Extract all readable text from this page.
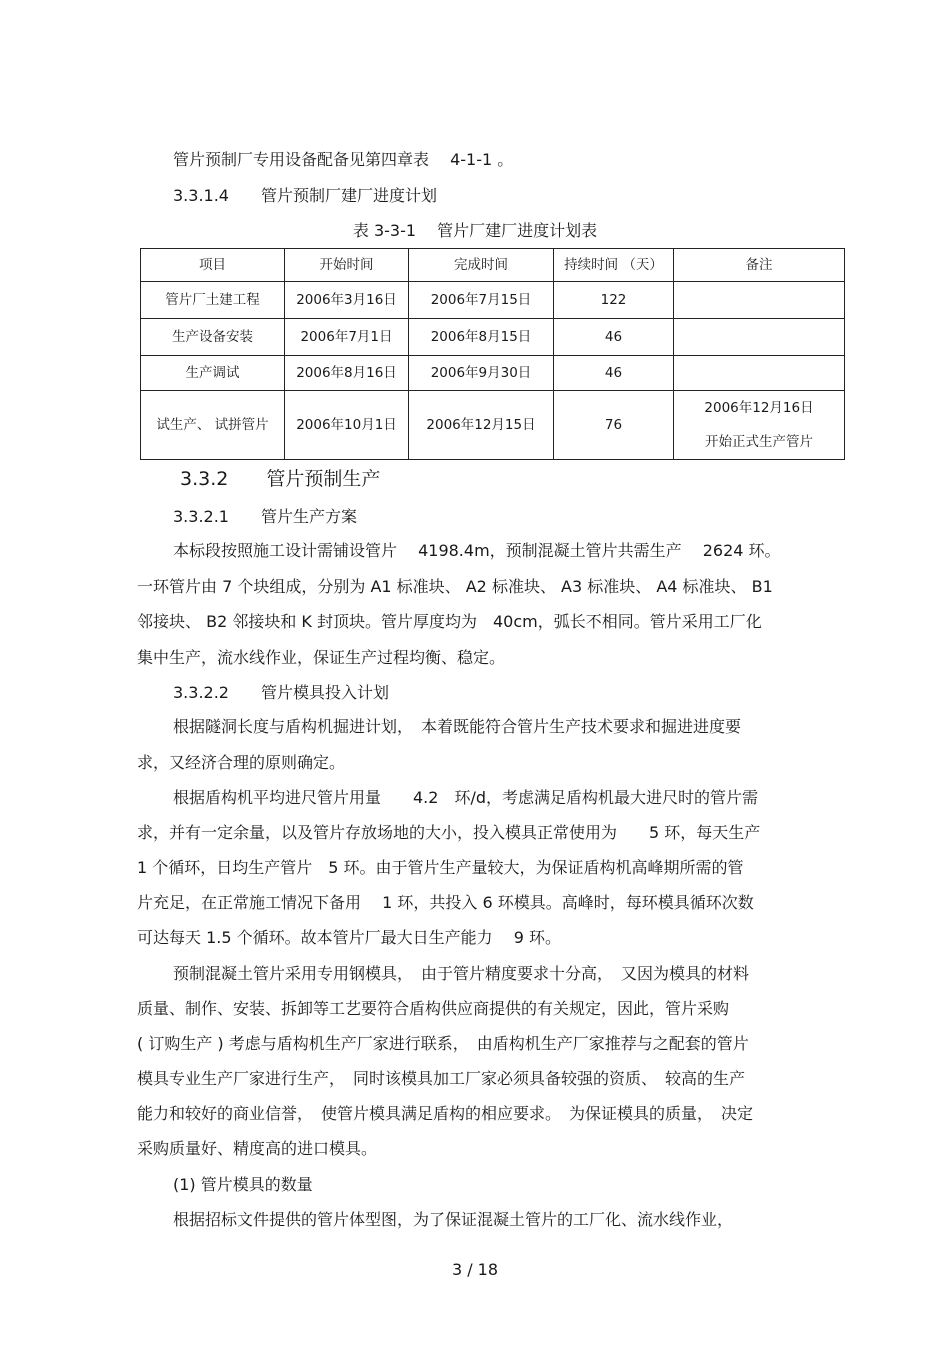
管片预制厂专用设备配备见第四章表　 4-1-1 。
3.3.1.4　　管片预制厂建厂进度计划
表 3-3-1　 管片厂建厂进度计划表
项目	开始时间	完成时间	持续时间 （天）	备注
管片厂土建工程	2006年3月16日	2006年7月15日	122	
生产设备安装	2006年7月1日	2006年8月15日	46	
生产调试	2006年8月16日	2006年9月30日	46	
试生产、 试拼管片	2006年10月1日	2006年12月15日	76	2006年12月16日
开始正式生产管片
3.3.2　　管片预制生产
3.3.2.1　　管片生产方案
本标段按照施工设计需铺设管片　 4198.4m，预制混凝土管片共需生产　 2624 环。
一环管片由 7 个块组成，分别为 A1 标准块、 A2 标准块、 A3 标准块、 A4 标准块、 B1
邻接块、 B2 邻接块和 K 封顶块。管片厚度均为　40cm，弧长不相同。管片采用工厂化
集中生产，流水线作业，保证生产过程均衡、稳定。
3.3.2.2　　管片模具投入计划
根据隧洞长度与盾构机掘进计划，　本着既能符合管片生产技术要求和掘进进度要
求，又经济合理的原则确定。
根据盾构机平均进尺管片用量　　4.2　环/d，考虑满足盾构机最大进尺时的管片需
求，并有一定余量，以及管片存放场地的大小，投入模具正常使用为　　5 环，每天生产
1 个循环，日均生产管片　5 环。由于管片生产量较大，为保证盾构机高峰期所需的管
片充足，在正常施工情况下备用　 1 环，共投入 6 环模具。高峰时，每环模具循环次数
可达每天 1.5 个循环。故本管片厂最大日生产能力　 9 环。
预制混凝土管片采用专用钢模具，　由于管片精度要求十分高，　又因为模具的材料
质量、制作、安装、拆卸等工艺要符合盾构供应商提供的有关规定，因此，管片采购
( 订购生产 ) 考虑与盾构机生产厂家进行联系，　由盾构机生产厂家推荐与之配套的管片
模具专业生产厂家进行生产，　同时该模具加工厂家必须具备较强的资质、　较高的生产
能力和较好的商业信誉，　使管片模具满足盾构的相应要求。　为保证模具的质量，　决定
采购质量好、精度高的进口模具。
(1) 管片模具的数量
根据招标文件提供的管片体型图，为了保证混凝土管片的工厂化、流水线作业，
3 / 18
